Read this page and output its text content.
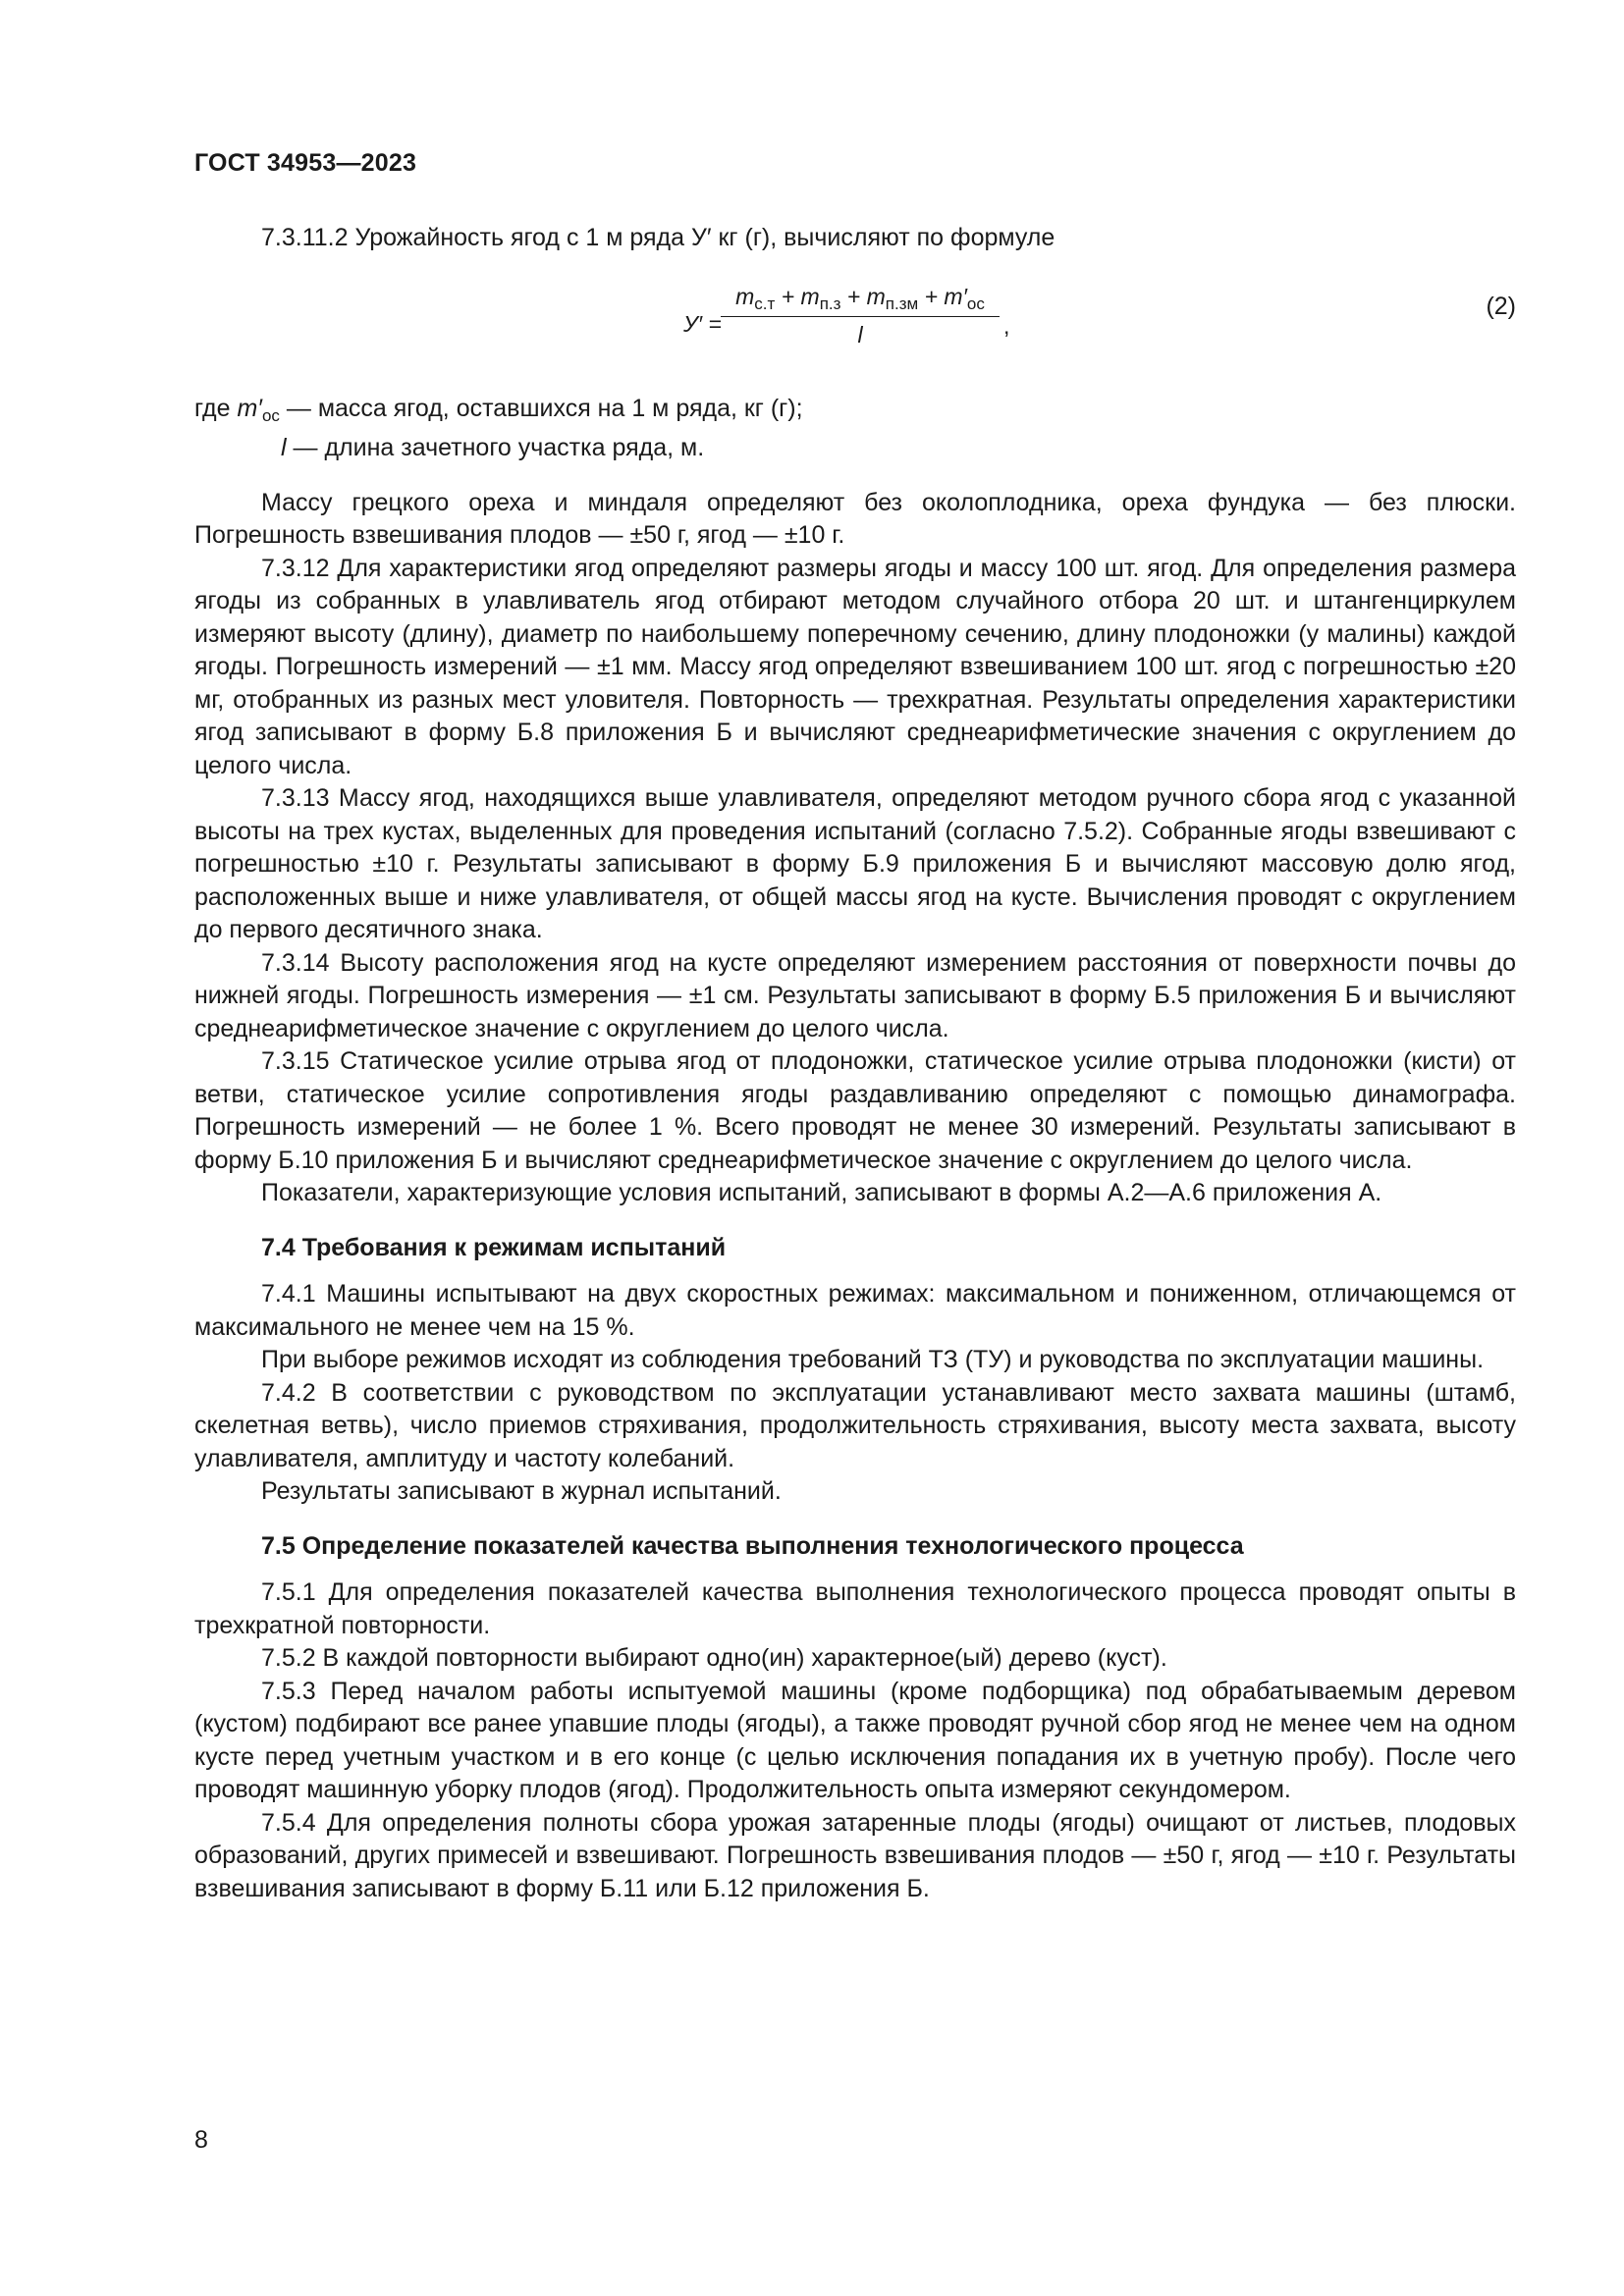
ГОСТ 34953—2023

7.3.11.2 Урожайность ягод с 1 м ряда У′ кг (г), вычисляют по формуле

У′ =
$m_{с.т} + m_{п.з} + m_{п.зм} + m'_{ос}$
l	,
(2)
где $m'_{ос}$ — масса ягод, оставшихся на 1 м ряда, кг (г);
l — длина зачетного участка ряда, м.

Массу грецкого ореха и миндаля определяют без околоплодника, ореха фундука — без плюски. Погрешность взвешивания плодов — ±50 г, ягод — ±10 г.

7.3.12 Для характеристики ягод определяют размеры ягоды и массу 100 шт. ягод. Для определения размера ягоды из собранных в улавливатель ягод отбирают методом случайного отбора 20 шт. и штангенциркулем измеряют высоту (длину), диаметр по наибольшему поперечному сечению, длину плодоножки (у малины) каждой ягоды. Погрешность измерений — ±1 мм. Массу ягод определяют взвешиванием 100 шт. ягод с погрешностью ±20 мг, отобранных из разных мест уловителя. Повторность — трехкратная. Результаты определения характеристики ягод записывают в форму Б.8 приложения Б и вычисляют среднеарифметические значения с округлением до целого числа.

7.3.13 Массу ягод, находящихся выше улавливателя, определяют методом ручного сбора ягод с указанной высоты на трех кустах, выделенных для проведения испытаний (согласно 7.5.2). Собранные ягоды взвешивают с погрешностью ±10 г. Результаты записывают в форму Б.9 приложения Б и вычисляют массовую долю ягод, расположенных выше и ниже улавливателя, от общей массы ягод на кусте. Вычисления проводят с округлением до первого десятичного знака.

7.3.14 Высоту расположения ягод на кусте определяют измерением расстояния от поверхности почвы до нижней ягоды. Погрешность измерения — ±1 см. Результаты записывают в форму Б.5 приложения Б и вычисляют среднеарифметическое значение с округлением до целого числа.

7.3.15 Статическое усилие отрыва ягод от плодоножки, статическое усилие отрыва плодоножки (кисти) от ветви, статическое усилие сопротивления ягоды раздавливанию определяют с помощью динамографа. Погрешность измерений — не более 1 %. Всего проводят не менее 30 измерений. Результаты записывают в форму Б.10 приложения Б и вычисляют среднеарифметическое значение с округлением до целого числа.

Показатели, характеризующие условия испытаний, записывают в формы А.2—А.6 приложения А.

7.4 Требования к режимам испытаний

7.4.1 Машины испытывают на двух скоростных режимах: максимальном и пониженном, отличающемся от максимального не менее чем на 15 %.

При выборе режимов исходят из соблюдения требований ТЗ (ТУ) и руководства по эксплуатации машины.

7.4.2 В соответствии с руководством по эксплуатации устанавливают место захвата машины (штамб, скелетная ветвь), число приемов стряхивания, продолжительность стряхивания, высоту места захвата, высоту улавливателя, амплитуду и частоту колебаний.

Результаты записывают в журнал испытаний.

7.5 Определение показателей качества выполнения технологического процесса

7.5.1 Для определения показателей качества выполнения технологического процесса проводят опыты в трехкратной повторности.

7.5.2 В каждой повторности выбирают одно(ин) характерное(ый) дерево (куст).

7.5.3 Перед началом работы испытуемой машины (кроме подборщика) под обрабатываемым деревом (кустом) подбирают все ранее упавшие плоды (ягоды), а также проводят ручной сбор ягод не менее чем на одном кусте перед учетным участком и в его конце (с целью исключения попадания их в учетную пробу). После чего проводят машинную уборку плодов (ягод). Продолжительность опыта измеряют секундомером.

7.5.4 Для определения полноты сбора урожая затаренные плоды (ягоды) очищают от листьев, плодовых образований, других примесей и взвешивают. Погрешность взвешивания плодов — ±50 г, ягод — ±10 г. Результаты взвешивания записывают в форму Б.11 или Б.12 приложения Б.

8
